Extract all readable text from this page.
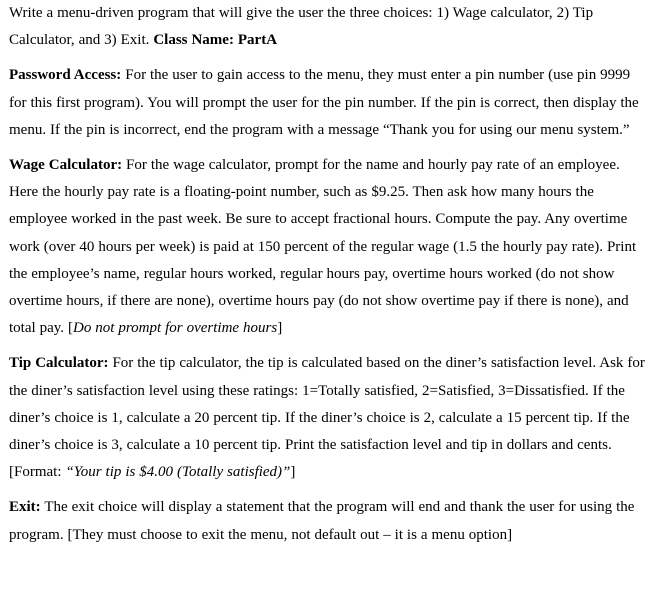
Write a menu-driven program that will give the user the three choices: 1) Wage calculator, 2) Tip Calculator, and 3) Exit. Class Name: PartA

Password Access: For the user to gain access to the menu, they must enter a pin number (use pin 9999 for this first program). You will prompt the user for the pin number. If the pin is correct, then display the menu. If the pin is incorrect, end the program with a message “Thank you for using our menu system.”

Wage Calculator: For the wage calculator, prompt for the name and hourly pay rate of an employee. Here the hourly pay rate is a floating-point number, such as $9.25. Then ask how many hours the employee worked in the past week. Be sure to accept fractional hours. Compute the pay. Any overtime work (over 40 hours per week) is paid at 150 percent of the regular wage (1.5 the hourly pay rate). Print the employee’s name, regular hours worked, regular hours pay, overtime hours worked (do not show overtime hours, if there are none), overtime hours pay (do not show overtime pay if there is none), and total pay. [Do not prompt for overtime hours]

Tip Calculator: For the tip calculator, the tip is calculated based on the diner’s satisfaction level. Ask for the diner’s satisfaction level using these ratings: 1=Totally satisfied, 2=Satisfied, 3=Dissatisfied. If the diner’s choice is 1, calculate a 20 percent tip. If the diner’s choice is 2, calculate a 15 percent tip. If the diner’s choice is 3, calculate a 10 percent tip. Print the satisfaction level and tip in dollars and cents. [Format: “Your tip is $4.00 (Totally satisfied)”]

Exit: The exit choice will display a statement that the program will end and thank the user for using the program. [They must choose to exit the menu, not default out – it is a menu option]
